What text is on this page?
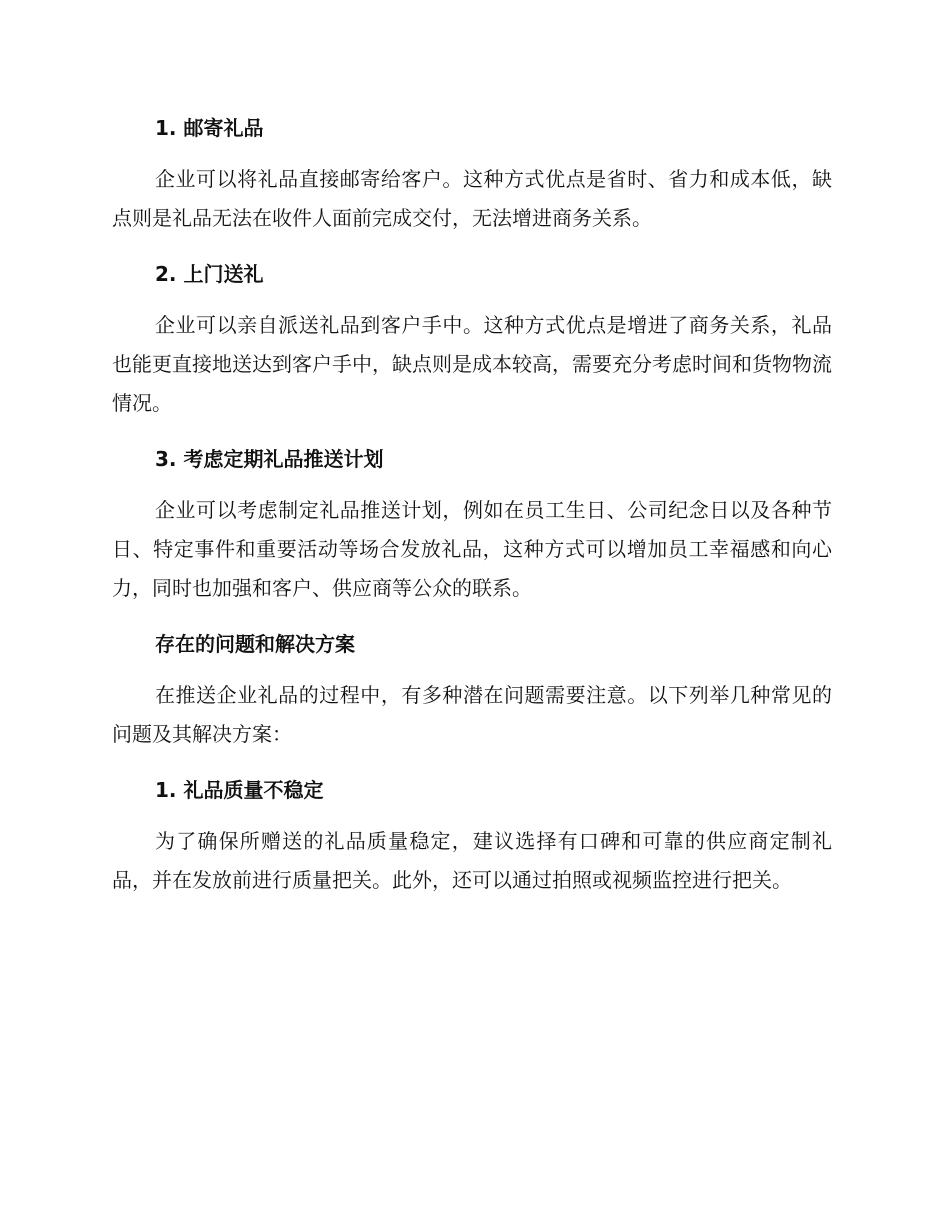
1. 邮寄礼品

企业可以将礼品直接邮寄给客户。这种方式优点是省时、省力和成本低，缺点则是礼品无法在收件人面前完成交付，无法增进商务关系。

2. 上门送礼

企业可以亲自派送礼品到客户手中。这种方式优点是增进了商务关系，礼品也能更直接地送达到客户手中，缺点则是成本较高，需要充分考虑时间和货物物流情况。

3. 考虑定期礼品推送计划

企业可以考虑制定礼品推送计划，例如在员工生日、公司纪念日以及各种节日、特定事件和重要活动等场合发放礼品，这种方式可以增加员工幸福感和向心力，同时也加强和客户、供应商等公众的联系。

存在的问题和解决方案

在推送企业礼品的过程中，有多种潜在问题需要注意。以下列举几种常见的问题及其解决方案：

1. 礼品质量不稳定

为了确保所赠送的礼品质量稳定，建议选择有口碑和可靠的供应商定制礼品，并在发放前进行质量把关。此外，还可以通过拍照或视频监控进行把关。
